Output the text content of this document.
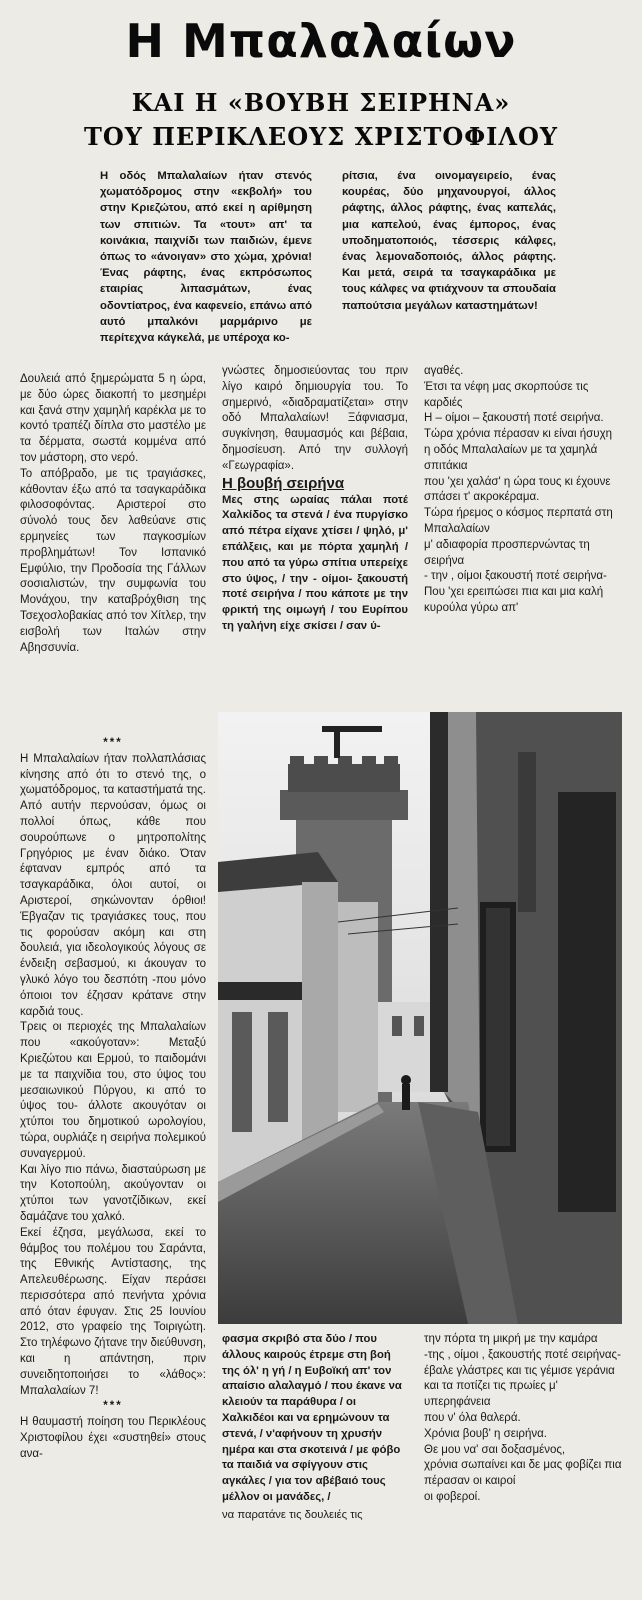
Η Μπαλαλαίων
ΚΑΙ Η «ΒΟΥΒΗ ΣΕΙΡΗΝΑ»
ΤΟΥ ΠΕΡΙΚΛΕΟΥΣ ΧΡΙΣΤΟΦΙΛΟΥ
Η οδός Μπαλαλαίων ήταν στενός χωματόδρομος στην «εκβολή» του στην Κριεζώτου, από εκεί η αρίθμηση των σπιτιών. Τα «τουτ» απ' τα κοινάκια, παιχνίδι των παιδιών, έμενε όπως το «άνοιγαν» στο χώμα, χρόνια! Ένας ράφτης, ένας εκπρόσωπος εταιρίας λιπασμάτων, ένας οδοντίατρος, ένα καφενείο, επάνω από αυτό μπαλκόνι μαρμάρινο με περίτεχνα κάγκελά, με υπέροχα κο-
ρίτσια, ένα οινομαγειρείο, ένας κουρέας, δύο μηχανουργοί, άλλος ράφτης, άλλος ράφτης, ένας καπελάς, μια καπελού, ένας έμπορος, ένας υποδηματοποιός, τέσσερις κάλφες, ένας λεμοναδοποιός, άλλος ράφτης. Και μετά, σειρά τα τσαγκαράδικα με τους κάλφες να φτιάχνουν τα σπουδαία παπούτσια μεγάλων καταστημάτων!

Δουλειά από ξημερώματα 5 η ώρα, με δύο ώρες διακοπή το μεσημέρι και ξανά στην χαμηλή καρέκλα με το κοντό τραπέζι δίπλα στο μαστέλο με τα δέρματα, σωστά κομμένα από τον μάστορη, στο νερό.

Το απόβραδο, με τις τραγιάσκες, κάθονταν έξω από τα τσαγκαράδικα φιλοσοφόντας. Αριστεροί στο σύνολό τους δεν λαθεύανε στις ερμηνείες των παγκοσμίων προβλημάτων! Τον Ισπανικό Εμφύλιο, την Προδοσία της Γάλλων σοσιαλιστών, την συμφωνία του Μονάχου, την καταβρόχθιση της Τσεχοσλοβακίας από τον Χίτλερ, την εισβολή των Ιταλών στην Αβησσυνία.

γνώστες δημοσιεύοντας του πριν λίγο καιρό δημιουργία του. Το σημερινό, «διαδραματίζεται» στην οδό Μπαλαλαίων! Ξάφνιασμα, συγκίνηση, θαυμασμός και βέβαια, δημοσίευση. Από την συλλογή «Γεωγραφία».

Η βουβή σειρήνα

Μες στης ωραίας πάλαι ποτέ Χαλκίδος τα στενά / ένα πυργίσκο από πέτρα είχανε χτίσει / ψηλό, μ' επάλξεις, και με πόρτα χαμηλή / που από τα γύρω σπίτια υπερείχε στο ύψος, / την - οίμοι- ξακουστή ποτέ σειρήνα / που κάποτε με την φρικτή της οιμωγή / του Ευρίπου τη γαλήνη είχε σκίσει / σαν ύ-

αγαθές.

Έτσι τα νέφη μας σκορπούσε τις καρδιές

Η – οίμοι – ξακουστή ποτέ σειρήνα.

Τώρα χρόνια πέρασαν κι είναι ήσυχη

η οδός Μπαλαλαίων με τα χαμηλά σπιτάκια

που 'χει χαλάσ' η ώρα τους κι έχουνε σπάσει τ' ακροκέραμα.

Τώρα ήρεμος ο κόσμος περπατά στη Μπαλαλαίων

μ' αδιαφορία προσπερνώντας τη σειρήνα

- την , οίμοι ξακουστή ποτέ σειρήνα-

Που 'χει ερειπώσει πια και μια καλή κυρούλα γύρω απ'

***

Η Μπαλαλαίων ήταν πολλαπλάσιας κίνησης από ότι το στενό της, ο χωματόδρομος, τα καταστήματά της. Από αυτήν περνούσαν, όμως οι πολλοί όπως, κάθε που σουρούπωνε ο μητροπολίτης Γρηγόριος με έναν διάκο. Όταν έφταναν εμπρός από τα τσαγκαράδικα, όλοι αυτοί, οι Αριστεροί, σηκώνονταν όρθιοι! Έβγαζαν τις τραγιάσκες τους, που τις φορούσαν ακόμη και στη δουλειά, για ιδεολογικούς λόγους σε ένδειξη σεβασμού, κι άκουγαν το γλυκό λόγο του δεσπότη -που μόνο όποιοι τον έζησαν κράτανε στην καρδιά τους.

Τρεις οι περιοχές της Μπαλαλαίων που «ακούγοταν»: Μεταξύ Κριεζώτου και Ερμού, το παιδομάνι με τα παιχνίδια του, στο ύψος του μεσαιωνικού Πύργου, κι από το ύψος του- άλλοτε ακουγόταν οι χτύποι του δημοτικού ωρολογίου, τώρα, ουρλιάζε η σειρήνα πολεμικού συναγερμού.

Και λίγο πιο πάνω, διασταύρωση με την Κοτοπούλη, ακούγονταν οι χτύποι των γανοτζίδικων, εκεί δαμάζανε του χαλκό.

Εκεί έζησα, μεγάλωσα, εκεί το θάμβος του πολέμου του Σαράντα, της Εθνικής Αντίστασης, της Απελευθέρωσης. Είχαν περάσει περισσότερα από πενήντα χρόνια από όταν έφυγαν. Στις 25 Ιουνίου 2012, στο γραφείο της Τοιριγώτη. Στο τηλέφωνο ζήτανε την διεύθυνση, και η απάντηση, πριν συνειδητοποιήσει το «λάθος»: Μπαλαλαίων 7!

***

Η θαυμαστή ποίηση του Περικλέους Χριστοφίλου έχει «συστηθεί» στους ανα-

φασμα σκριβό στα δύο / που άλλους καιρούς έτρεμε στη βοή της όλ' η γή / η Ευβοϊκή απ' τον απαίσιο αλαλαγμό / που έκανε να κλειούν τα παράθυρα / οι Χαλκιδέοι και να ερημώνουν τα στενά, / ν'αφήνουν τη χρυσήν ημέρα και στα σκοτεινά / με φόβο τα παιδιά να σφίγγουν στις αγκάλες / για τον αβέβαιό τους μέλλον οι μανάδες, /

να παρατάνε τις δουλειές τις

την πόρτα τη μικρή με την καμάρα

-της , οίμοι , ξακουστής ποτέ σειρήνας-

έβαλε γλάστρες και τις γέμισε γεράνια

και τα ποτίζει τις πρωίες μ' υπερηφάνεια

που ν' όλα θαλερά.

Χρόνια βουβ' η σειρήνα.

Θε μου να' σαι δοξασμένος,

χρόνια σωπαίνει και δε μας φοβίζει πια

πέρασαν οι καιροί

οι φοβεροί.
